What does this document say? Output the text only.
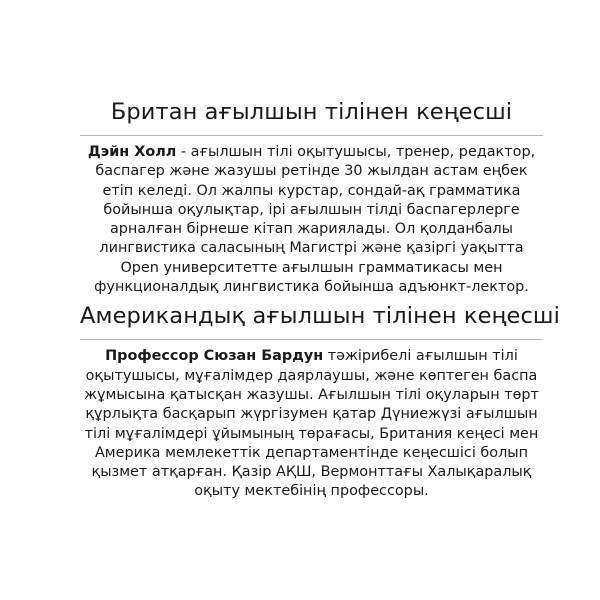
Британ ағылшын тілінен кеңесші

Дэйн Холл - ағылшын тілі оқытушысы, тренер, редактор, баспагер және жазушы ретінде 30 жылдан астам еңбек етіп келеді. Ол жалпы курстар, сондай-ақ грамматика бойынша оқулықтар, ірі ағылшын тілді баспагерлерге арналған бірнеше кітап жариялады. Ол қолданбалы лингвистика саласының Магистрі және қазіргі уақытта Open университетте ағылшын грамматикасы мен функционалдық лингвистика бойынша адъюнкт-лектор.

Американдық ағылшын тілінен кеңесші

Профессор Сюзан Бардун тәжірибелі ағылшын тілі оқытушысы, мұғалімдер даярлаушы, және көптеген баспа жұмысына қатысқан жазушы. Ағылшын тілі оқуларын төрт құрлықта басқарып жүргізумен қатар Дүниежүзі ағылшын тілі мұғалімдері ұйымының төрағасы, Британия кеңесі мен Америка мемлекеттік департаментінде кеңесшісі болып қызмет атқарған. Қазір АҚШ, Вермонттағы Халықаралық оқыту мектебінің профессоры.
